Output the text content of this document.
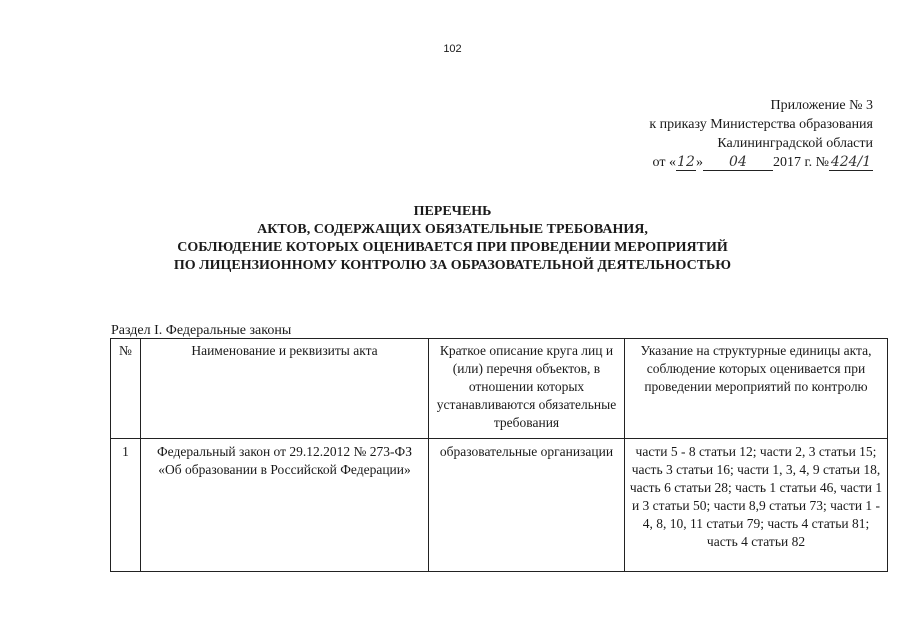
102
Приложение № 3
к приказу Министерства образования
Калининградской области
от «12» 04 2017 г. № 424/1
ПЕРЕЧЕНЬ
АКТОВ, СОДЕРЖАЩИХ ОБЯЗАТЕЛЬНЫЕ ТРЕБОВАНИЯ,
СОБЛЮДЕНИЕ КОТОРЫХ ОЦЕНИВАЕТСЯ ПРИ ПРОВЕДЕНИИ МЕРОПРИЯТИЙ
ПО ЛИЦЕНЗИОННОМУ КОНТРОЛЮ ЗА ОБРАЗОВАТЕЛЬНОЙ ДЕЯТЕЛЬНОСТЬЮ
Раздел I. Федеральные законы
№	Наименование и реквизиты акта	Краткое описание круга лиц и (или) перечня объектов, в отношении которых устанавливаются обязательные требования	Указание на структурные единицы акта, соблюдение которых оценивается при проведении мероприятий по контролю
1	Федеральный закон от 29.12.2012 № 273-ФЗ «Об образовании в Российской Федерации»	образовательные организации	части 5 - 8 статьи 12; части 2, 3 статьи 15; часть 3 статьи 16; части 1, 3, 4, 9 статьи 18, часть 6 статьи 28; часть 1 статьи 46, части 1 и 3 статьи 50; части 8,9 статьи 73; части 1 - 4, 8, 10, 11 статьи 79; часть 4 статьи 81; часть 4 статьи 82
